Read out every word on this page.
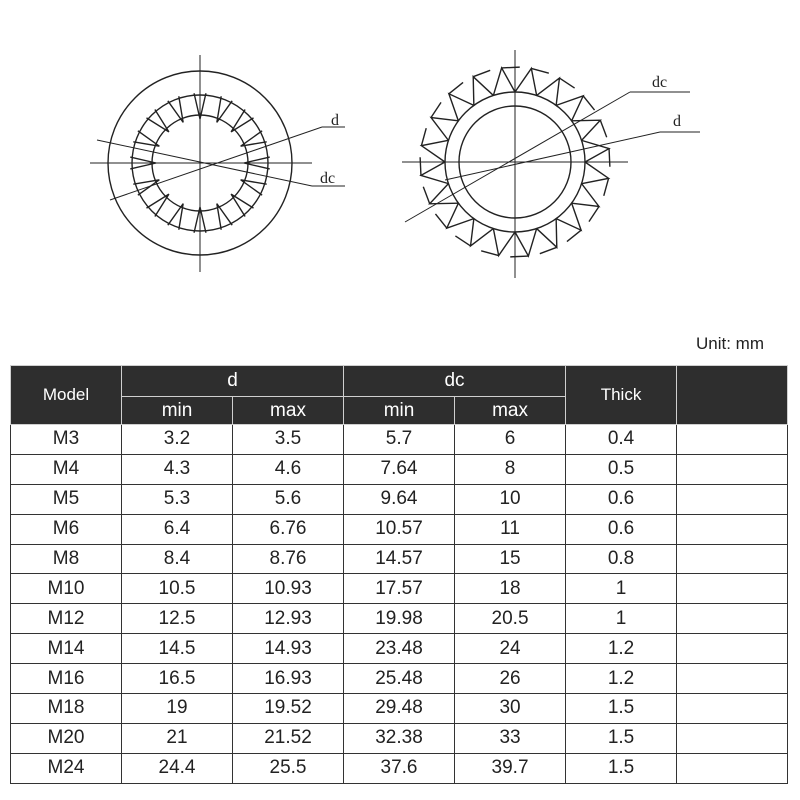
d
dc
dc
d
Unit: mm
Model	d		dc		Thick	
	min	max	min	max		
M3	3.2	3.5	5.7	6	0.4	
M4	4.3	4.6	7.64	8	0.5	
M5	5.3	5.6	9.64	10	0.6	
M6	6.4	6.76	10.57	11	0.6	
M8	8.4	8.76	14.57	15	0.8	
M10	10.5	10.93	17.57	18	1	
M12	12.5	12.93	19.98	20.5	1	
M14	14.5	14.93	23.48	24	1.2	
M16	16.5	16.93	25.48	26	1.2	
M18	19	19.52	29.48	30	1.5	
M20	21	21.52	32.38	33	1.5	
M24	24.4	25.5	37.6	39.7	1.5	
